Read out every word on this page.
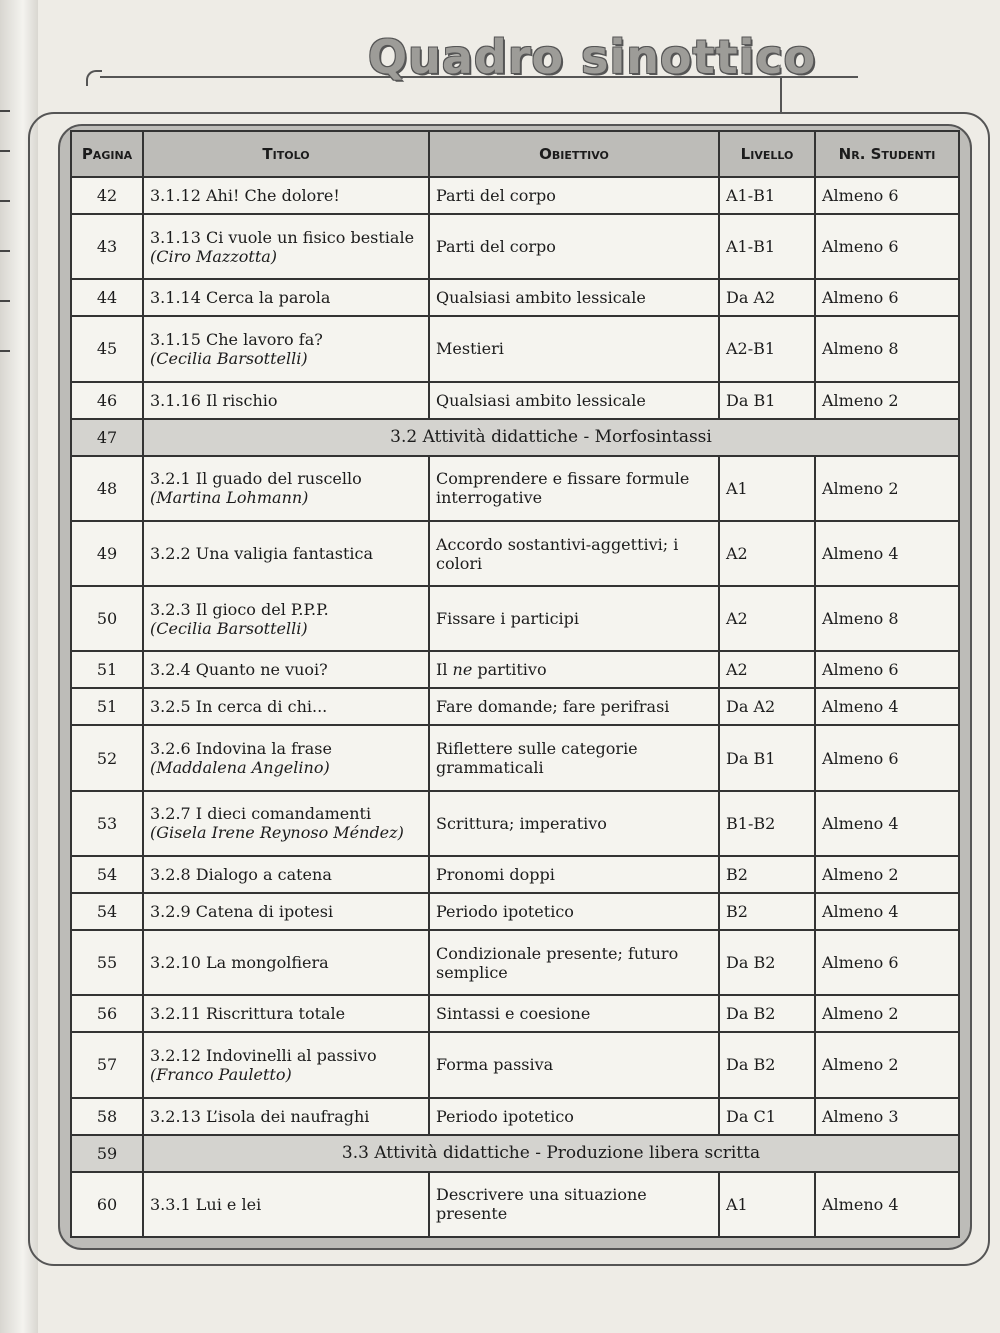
Quadro sinottico
Pagina	Titolo	Obiettivo	Livello	Nr. Studenti
42	3.1.12 Ahi! Che dolore!	Parti del corpo	A1-B1	Almeno 6
43	3.1.13 Ci vuole un fisico bestiale
(Ciro Mazzotta)	Parti del corpo	A1-B1	Almeno 6
44	3.1.14 Cerca la parola	Qualsiasi ambito lessicale	Da A2	Almeno 6
45	3.1.15 Che lavoro fa?
(Cecilia Barsottelli)	Mestieri	A2-B1	Almeno 8
46	3.1.16 Il rischio	Qualsiasi ambito lessicale	Da B1	Almeno 2
47	3.2 Attività didattiche - Morfosintassi			
48	3.2.1 Il guado del ruscello
(Martina Lohmann)	Comprendere e fissare formule interrogative	A1	Almeno 2
49	3.2.2 Una valigia fantastica	Accordo sostantivi-aggettivi; i colori	A2	Almeno 4
50	3.2.3 Il gioco del P.P.P.
(Cecilia Barsottelli)	Fissare i participi	A2	Almeno 8
51	3.2.4 Quanto ne vuoi?	Il ne partitivo	A2	Almeno 6
51	3.2.5 In cerca di chi...	Fare domande; fare perifrasi	Da A2	Almeno 4
52	3.2.6 Indovina la frase
(Maddalena Angelino)	Riflettere sulle categorie grammaticali	Da B1	Almeno 6
53	3.2.7 I dieci comandamenti
(Gisela Irene Reynoso Méndez)	Scrittura; imperativo	B1-B2	Almeno 4
54	3.2.8 Dialogo a catena	Pronomi doppi	B2	Almeno 2
54	3.2.9 Catena di ipotesi	Periodo ipotetico	B2	Almeno 4
55	3.2.10 La mongolfiera	Condizionale presente; futuro semplice	Da B2	Almeno 6
56	3.2.11 Riscrittura totale	Sintassi e coesione	Da B2	Almeno 2
57	3.2.12 Indovinelli al passivo
(Franco Pauletto)	Forma passiva	Da B2	Almeno 2
58	3.2.13 L’isola dei naufraghi	Periodo ipotetico	Da C1	Almeno 3
59	3.3 Attività didattiche - Produzione libera scritta			
60	3.3.1 Lui e lei	Descrivere una situazione presente	A1	Almeno 4
